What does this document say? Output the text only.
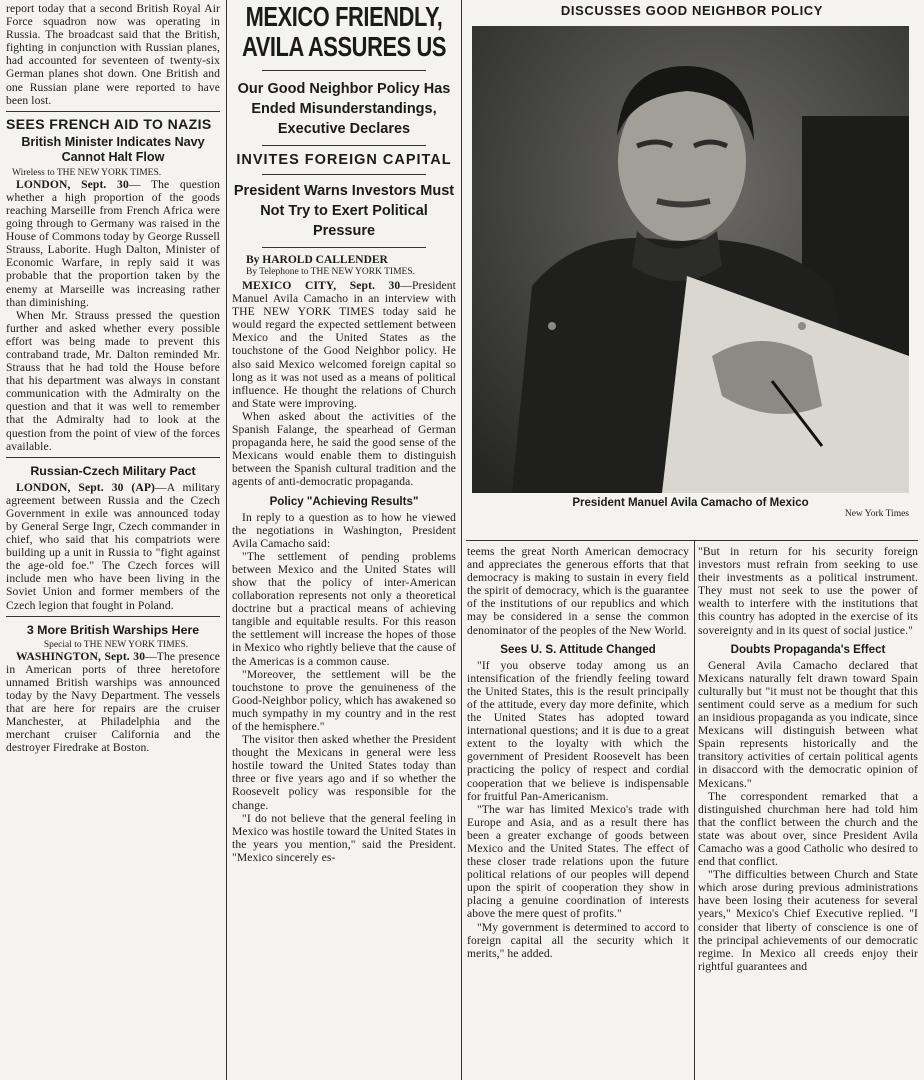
report today that a second British Royal Air Force squadron now was operating in Russia. The broadcast said that the British, fighting in conjunction with Russian planes, had accounted for seventeen of twenty-six German planes shot down. One British and one Russian plane were reported to have been lost.

SEES FRENCH AID TO NAZIS
British Minister Indicates Navy Cannot Halt Flow
Wireless to THE NEW YORK TIMES.

LONDON, Sept. 30— The question whether a high proportion of the goods reaching Marseille from French Africa were going through to Germany was raised in the House of Commons today by George Russell Strauss, Laborite. Hugh Dalton, Minister of Economic Warfare, in reply said it was probable that the proportion taken by the enemy at Marseille was increasing rather than diminishing.

When Mr. Strauss pressed the question further and asked whether every possible effort was being made to prevent this contraband trade, Mr. Dalton reminded Mr. Strauss that he had told the House before that his department was always in constant communication with the Admiralty on the question and that it was well to remember that the Admiralty had to look at the question from the point of view of the forces available.

Russian-Czech Military Pact

LONDON, Sept. 30 (AP)—A military agreement between Russia and the Czech Government in exile was announced today by General Serge Ingr, Czech commander in chief, who said that his compatriots were building up a unit in Russia to "fight against the age-old foe." The Czech forces will include men who have been living in the Soviet Union and former members of the Czech legion that fought in Poland.

3 More British Warships Here
Special to THE NEW YORK TIMES.

WASHINGTON, Sept. 30—The presence in American ports of three heretofore unnamed British warships was announced today by the Navy Department. The vessels that are here for repairs are the cruiser Manchester, at Philadelphia and the merchant cruiser California and the destroyer Firedrake at Boston.

MEXICO FRIENDLY, AVILA ASSURES US
Our Good Neighbor Policy Has Ended Misunderstandings, Executive Declares
INVITES FOREIGN CAPITAL
President Warns Investors Must Not Try to Exert Political Pressure
By HAROLD CALLENDER
By Telephone to THE NEW YORK TIMES.

MEXICO CITY, Sept. 30—President Manuel Avila Camacho in an interview with THE NEW YORK TIMES today said he would regard the expected settlement between Mexico and the United States as the touchstone of the Good Neighbor policy. He also said Mexico welcomed foreign capital so long as it was not used as a means of political influence. He thought the relations of Church and State were improving.

When asked about the activities of the Spanish Falange, the spearhead of German propaganda here, he said the good sense of the Mexicans would enable them to distinguish between the Spanish cultural tradition and the agents of anti-democratic propaganda.

Policy "Achieving Results"

In reply to a question as to how he viewed the negotiations in Washington, President Avila Camacho said:

"The settlement of pending problems between Mexico and the United States will show that the policy of inter-American collaboration represents not only a theoretical doctrine but a practical means of achieving tangible and equitable results. For this reason the settlement will increase the hopes of those in Mexico who rightly believe that the cause of the Americas is a common cause.

"Moreover, the settlement will be the touchstone to prove the genuineness of the Good-Neighbor policy, which has awakened so much sympathy in my country and in the rest of the hemisphere."

The visitor then asked whether the President thought the Mexicans in general were less hostile toward the United States today than three or five years ago and if so whether the Roosevelt policy was responsible for the change.

"I do not believe that the general feeling in Mexico was hostile toward the United States in the years you mention," said the President. "Mexico sincerely es-

DISCUSSES GOOD NEIGHBOR POLICY
President Manuel Avila Camacho of Mexico
New York Times

teems the great North American democracy and appreciates the generous efforts that that democracy is making to sustain in every field the spirit of democracy, which is the guarantee of the institutions of our republics and which may be considered in a sense the common denominator of the peoples of the New World.

Sees U. S. Attitude Changed

"If you observe today among us an intensification of the friendly feeling toward the United States, this is the result principally of the attitude, every day more definite, which the United States has adopted toward international questions; and it is due to a great extent to the loyalty with which the government of President Roosevelt has been practicing the policy of respect and cordial cooperation that we believe is indispensable for fruitful Pan-Americanism.

"The war has limited Mexico's trade with Europe and Asia, and as a result there has been a greater exchange of goods between Mexico and the United States. The effect of these closer trade relations upon the future political relations of our peoples will depend upon the spirit of cooperation they show in placing a genuine coordination of interests above the mere quest of profits."

"My government is determined to accord to foreign capital all the security which it merits," he added.

"But in return for his security foreign investors must refrain from seeking to use their investments as a political instrument. They must not seek to use the power of wealth to interfere with the institutions that this country has adopted in the exercise of its sovereignty and in its quest of social justice."

Doubts Propaganda's Effect

General Avila Camacho declared that Mexicans naturally felt drawn toward Spain culturally but "it must not be thought that this sentiment could serve as a medium for such an insidious propaganda as you indicate, since Mexicans will distinguish between what Spain represents historically and the transitory activities of certain political agents in disaccord with the democratic opinion of Mexicans."

The correspondent remarked that a distinguished churchman here had told him that the conflict between the church and the state was about over, since President Avila Camacho was a good Catholic who desired to end that conflict.

"The difficulties between Church and State which arose during previous administrations have been losing their acuteness for several years," Mexico's Chief Executive replied. "I consider that liberty of conscience is one of the principal achievements of our democratic regime. In Mexico all creeds enjoy their rightful guarantees and
